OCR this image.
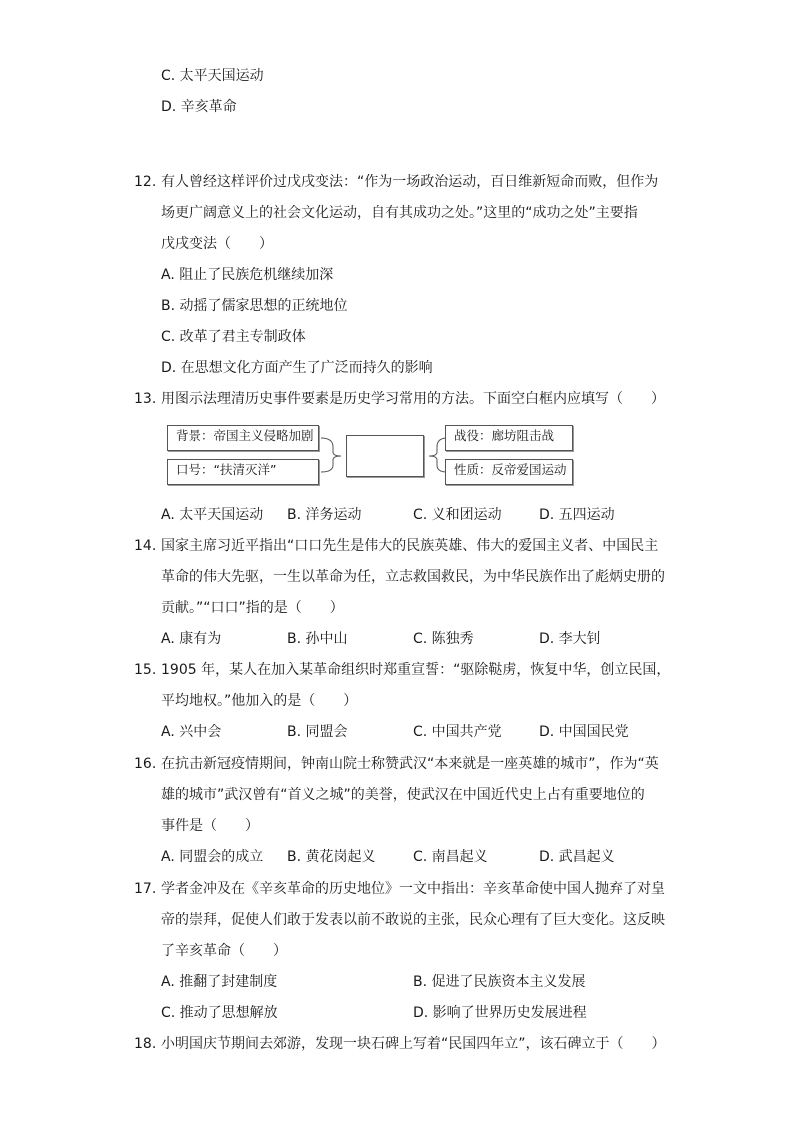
C. 太平天国运动
D. 辛亥革命
12. 有人曾经这样评价过戊戌变法：“作为一场政治运动，百日维新短命而败，但作为
场更广阔意义上的社会文化运动，自有其成功之处。”这里的“成功之处”主要指
戊戌变法（　　）
A. 阻止了民族危机继续加深
B. 动摇了儒家思想的正统地位
C. 改革了君主专制政体
D. 在思想文化方面产生了广泛而持久的影响
13. 用图示法理清历史事件要素是历史学习常用的方法。下面空白框内应填写（　　）
背景：帝国主义侵略加剧
口号：“扶清灭洋”
战役：廊坊阻击战
性质：反帝爱国运动
A. 太平天国运动 B. 洋务运动	C. 义和团运动	D. 五四运动
14. 国家主席习近平指出“口口先生是伟大的民族英雄、伟大的爱国主义者、中国民主
革命的伟大先驱，一生以革命为任，立志救国救民，为中华民族作出了彪炳史册的
贡献。”“口口”指的是（　　）
A. 康有为	B. 孙中山	C. 陈独秀	D. 李大钊
15. 1905 年，某人在加入某革命组织时郑重宣誓：“驱除鞑虏，恢复中华，创立民国，
平均地权。”他加入的是（　　）
A. 兴中会	B. 同盟会	C. 中国共产党	D. 中国国民党
16. 在抗击新冠疫情期间，钟南山院士称赞武汉“本来就是一座英雄的城市”，作为“英
雄的城市”武汉曾有“首义之城”的美誉，使武汉在中国近代史上占有重要地位的
事件是（　　）
A. 同盟会的成立 B. 黄花岗起义	C. 南昌起义	D. 武昌起义
17. 学者金冲及在《辛亥革命的历史地位》一文中指出：辛亥革命使中国人抛弃了对皇
帝的崇拜，促使人们敢于发表以前不敢说的主张，民众心理有了巨大变化。这反映
了辛亥革命（　　）
A. 推翻了封建制度	B. 促进了民族资本主义发展
C. 推动了思想解放	D. 影响了世界历史发展进程
18. 小明国庆节期间去郊游，发现一块石碑上写着“民国四年立”，该石碑立于（　　）
